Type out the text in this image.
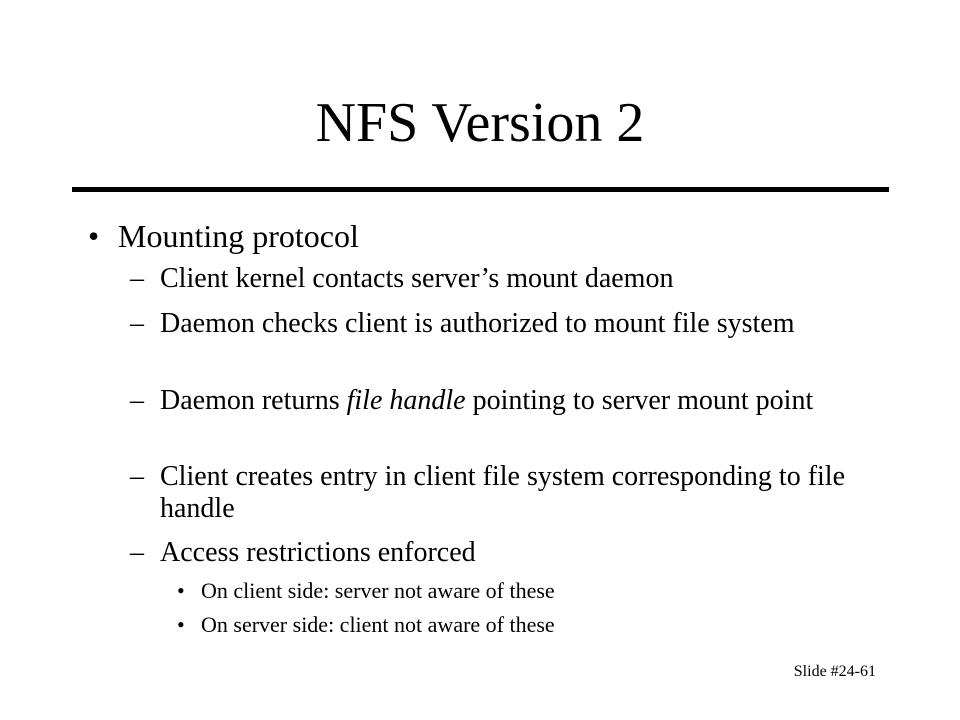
NFS Version 2
• Mounting protocol
– Client kernel contacts server’s mount daemon
– Daemon checks client is authorized to mount file system
– Daemon returns file handle pointing to server mount point
– Client creates entry in client file system corresponding to file handle
– Access restrictions enforced
• On client side: server not aware of these
• On server side: client not aware of these
Slide #24-61
